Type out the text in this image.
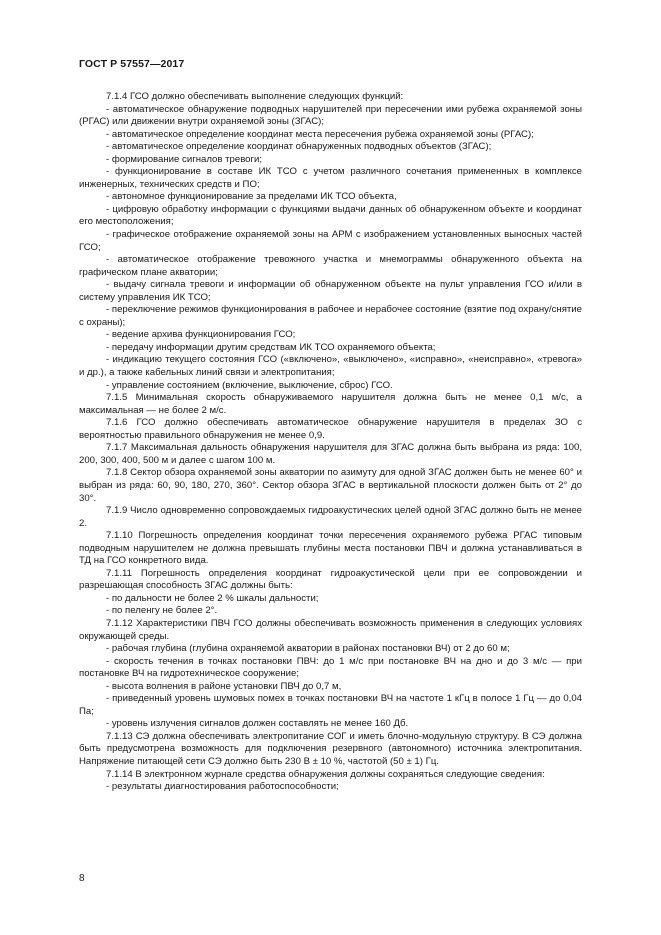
ГОСТ Р 57557—2017

7.1.4 ГСО должно обеспечивать выполнение следующих функций:

- автоматическое обнаружение подводных нарушителей при пересечении ими рубежа охраняемой зоны (РГАС) или движении внутри охраняемой зоны (ЗГАС);

- автоматическое определение координат места пересечения рубежа охраняемой зоны (РГАС);

- автоматическое определение координат обнаруженных подводных объектов (ЗГАС);

- формирование сигналов тревоги;

- функционирование в составе ИК ТСО с учетом различного сочетания примененных в комплексе инженерных, технических средств и ПО;

- автономное функционирование за пределами ИК ТСО объекта,

- цифровую обработку информации с функциями выдачи данных об обнаруженном объекте и координат его местоположения;

- графическое отображение охраняемой зоны на АРМ с изображением установленных выносных частей ГСО;

- автоматическое отображение тревожного участка и мнемограммы обнаруженного объекта на графическом плане акватории;

- выдачу сигнала тревоги и информации об обнаруженном объекте на пульт управления ГСО и/или в систему управления ИК ТСО;

- переключение режимов функционирования в рабочее и нерабочее состояние (взятие под охрану/снятие с охраны);

- ведение архива функционирования ГСО;

- передачу информации другим средствам ИК ТСО охраняемого объекта;

- индикацию текущего состояния ГСО («включено», «выключено», «исправно», «неисправно», «тревога» и др.), а также кабельных линий связи и электропитания;

- управление состоянием (включение, выключение, сброс) ГСО.

7.1.5 Минимальная скорость обнаруживаемого нарушителя должна быть не менее 0,1 м/с, а максимальная — не более 2 м/с.

7.1.6 ГСО должно обеспечивать автоматическое обнаружение нарушителя в пределах ЗО с вероятностью правильного обнаружения не менее 0,9.

7.1.7 Максимальная дальность обнаружения нарушителя для ЗГАС должна быть выбрана из ряда: 100, 200, 300, 400, 500 м и далее с шагом 100 м.

7.1.8 Сектор обзора охраняемой зоны акватории по азимуту для одной ЗГАС должен быть не менее 60° и выбран из ряда: 60, 90, 180, 270, 360°. Сектор обзора ЗГАС в вертикальной плоскости должен быть от 2° до 30°.

7.1.9 Число одновременно сопровождаемых гидроакустических целей одной ЗГАС должно быть не менее 2.

7.1.10 Погрешность определения координат точки пересечения охраняемого рубежа РГАС типовым подводным нарушителем не должна превышать глубины места постановки ПВЧ и должна устанавливаться в ТД на ГСО конкретного вида.

7.1.11 Погрешность определения координат гидроакустической цели при ее сопровождении и разрешающая способность ЗГАС должны быть:

- по дальности не более 2 % шкалы дальности;

- по пеленгу не более 2°.

7.1.12 Характеристики ПВЧ ГСО должны обеспечивать возможность применения в следующих условиях окружающей среды.

- рабочая глубина (глубина охраняемой акватории в районах постановки ВЧ) от 2 до 60 м;

- скорость течения в точках постановки ПВЧ: до 1 м/с при постановке ВЧ на дно и до 3 м/с — при постановке ВЧ на гидротехническое сооружение;

- высота волнения в районе установки ПВЧ до 0,7 м,

- приведенный уровень шумовых помех в точках постановки ВЧ на частоте 1 кГц в полосе 1 Гц — до 0,04 Па;

- уровень излучения сигналов должен составлять не менее 160 Дб.

7.1.13 СЭ должна обеспечивать электропитание СОГ и иметь блочно-модульную структуру. В СЭ должна быть предусмотрена возможность для подключения резервного (автономного) источника электропитания. Напряжение питающей сети СЭ должно быть 230 В ± 10 %, частотой (50 ± 1) Гц.

7.1.14 В электронном журнале средства обнаружения должны сохраняться следующие сведения:

- результаты диагностирования работоспособности;

8
